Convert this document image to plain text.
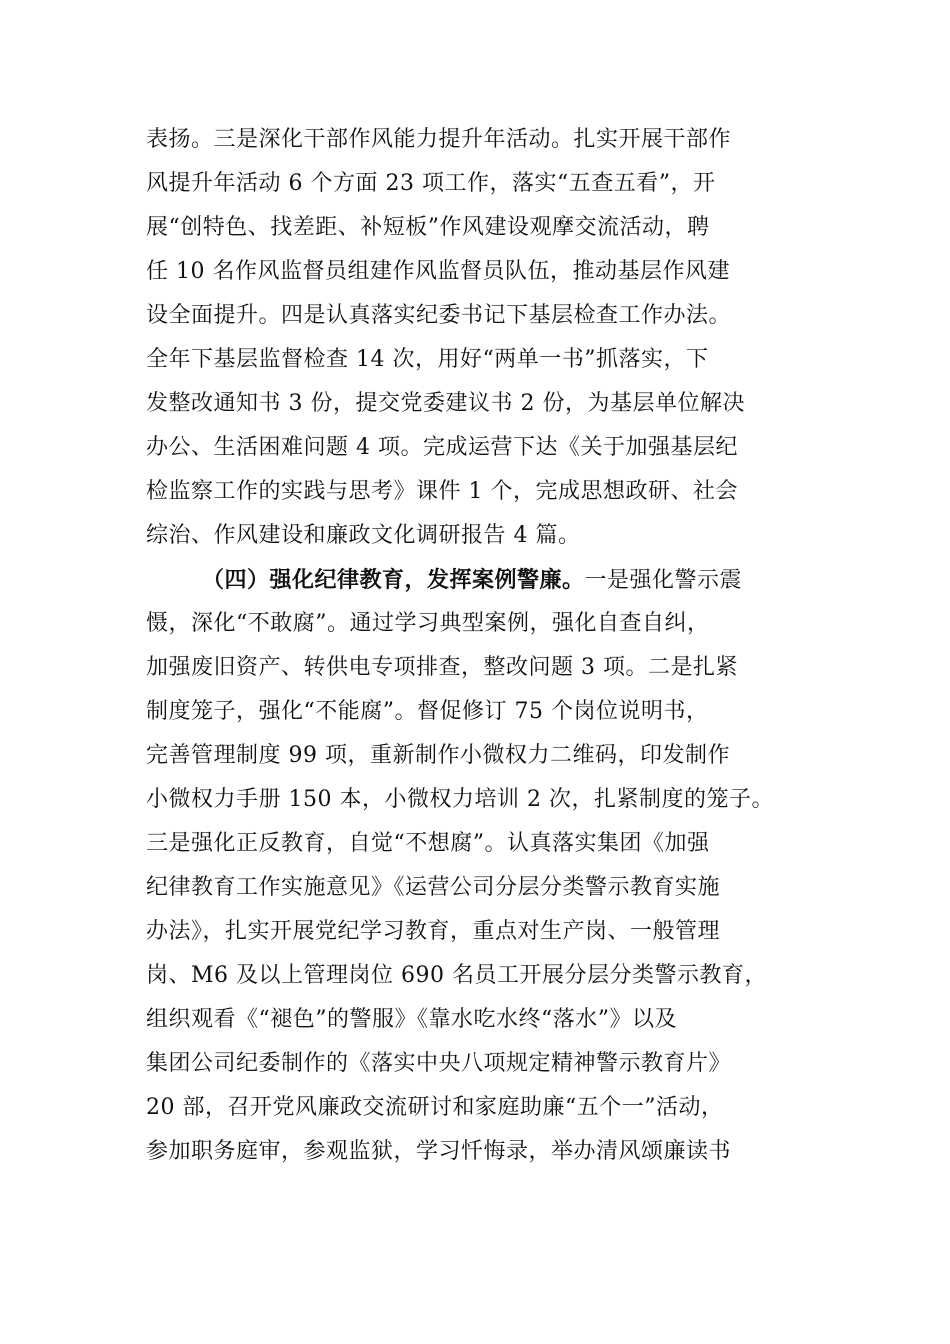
表扬。三是深化干部作风能力提升年活动。扎实开展干部作
风提升年活动 6 个方面 23 项工作，落实“五查五看”，开
展“创特色、找差距、补短板”作风建设观摩交流活动，聘
任 10 名作风监督员组建作风监督员队伍，推动基层作风建
设全面提升。四是认真落实纪委书记下基层检查工作办法。
全年下基层监督检查 14 次，用好“两单一书”抓落实，下
发整改通知书 3 份，提交党委建议书 2 份，为基层单位解决
办公、生活困难问题 4 项。完成运营下达《关于加强基层纪
检监察工作的实践与思考》课件 1 个，完成思想政研、社会
综治、作风建设和廉政文化调研报告 4 篇。
（四）强化纪律教育，发挥案例警廉。一是强化警示震
慑，深化“不敢腐”。通过学习典型案例，强化自查自纠，
加强废旧资产、转供电专项排查，整改问题 3 项。二是扎紧
制度笼子，强化“不能腐”。督促修订 75 个岗位说明书，
完善管理制度 99 项，重新制作小微权力二维码，印发制作
小微权力手册 150 本，小微权力培训 2 次，扎紧制度的笼子。
三是强化正反教育，自觉“不想腐”。认真落实集团《加强
纪律教育工作实施意见》《运营公司分层分类警示教育实施
办法》，扎实开展党纪学习教育，重点对生产岗、一般管理
岗、M6 及以上管理岗位 690 名员工开展分层分类警示教育，
组织观看《“褪色”的警服》《靠水吃水终“落水”》以及
集团公司纪委制作的《落实中央八项规定精神警示教育片》
20 部，召开党风廉政交流研讨和家庭助廉“五个一”活动，
参加职务庭审，参观监狱，学习忏悔录，举办清风颂廉读书
